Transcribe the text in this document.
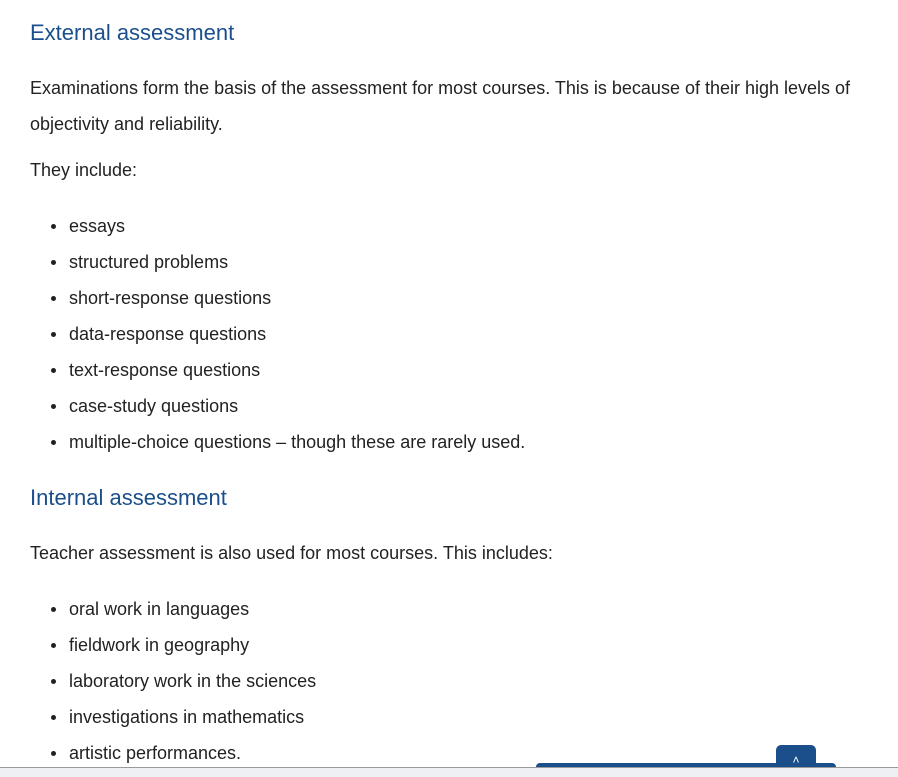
External assessment

Examinations form the basis of the assessment for most courses. This is because of their high levels of objectivity and reliability.

They include:

essays
structured problems
short-response questions
data-response questions
text-response questions
case-study questions
multiple-choice questions – though these are rarely used.
Internal assessment

Teacher assessment is also used for most courses. This includes:

oral work in languages
fieldwork in geography
laboratory work in the sciences
investigations in mathematics
artistic performances.	˄
